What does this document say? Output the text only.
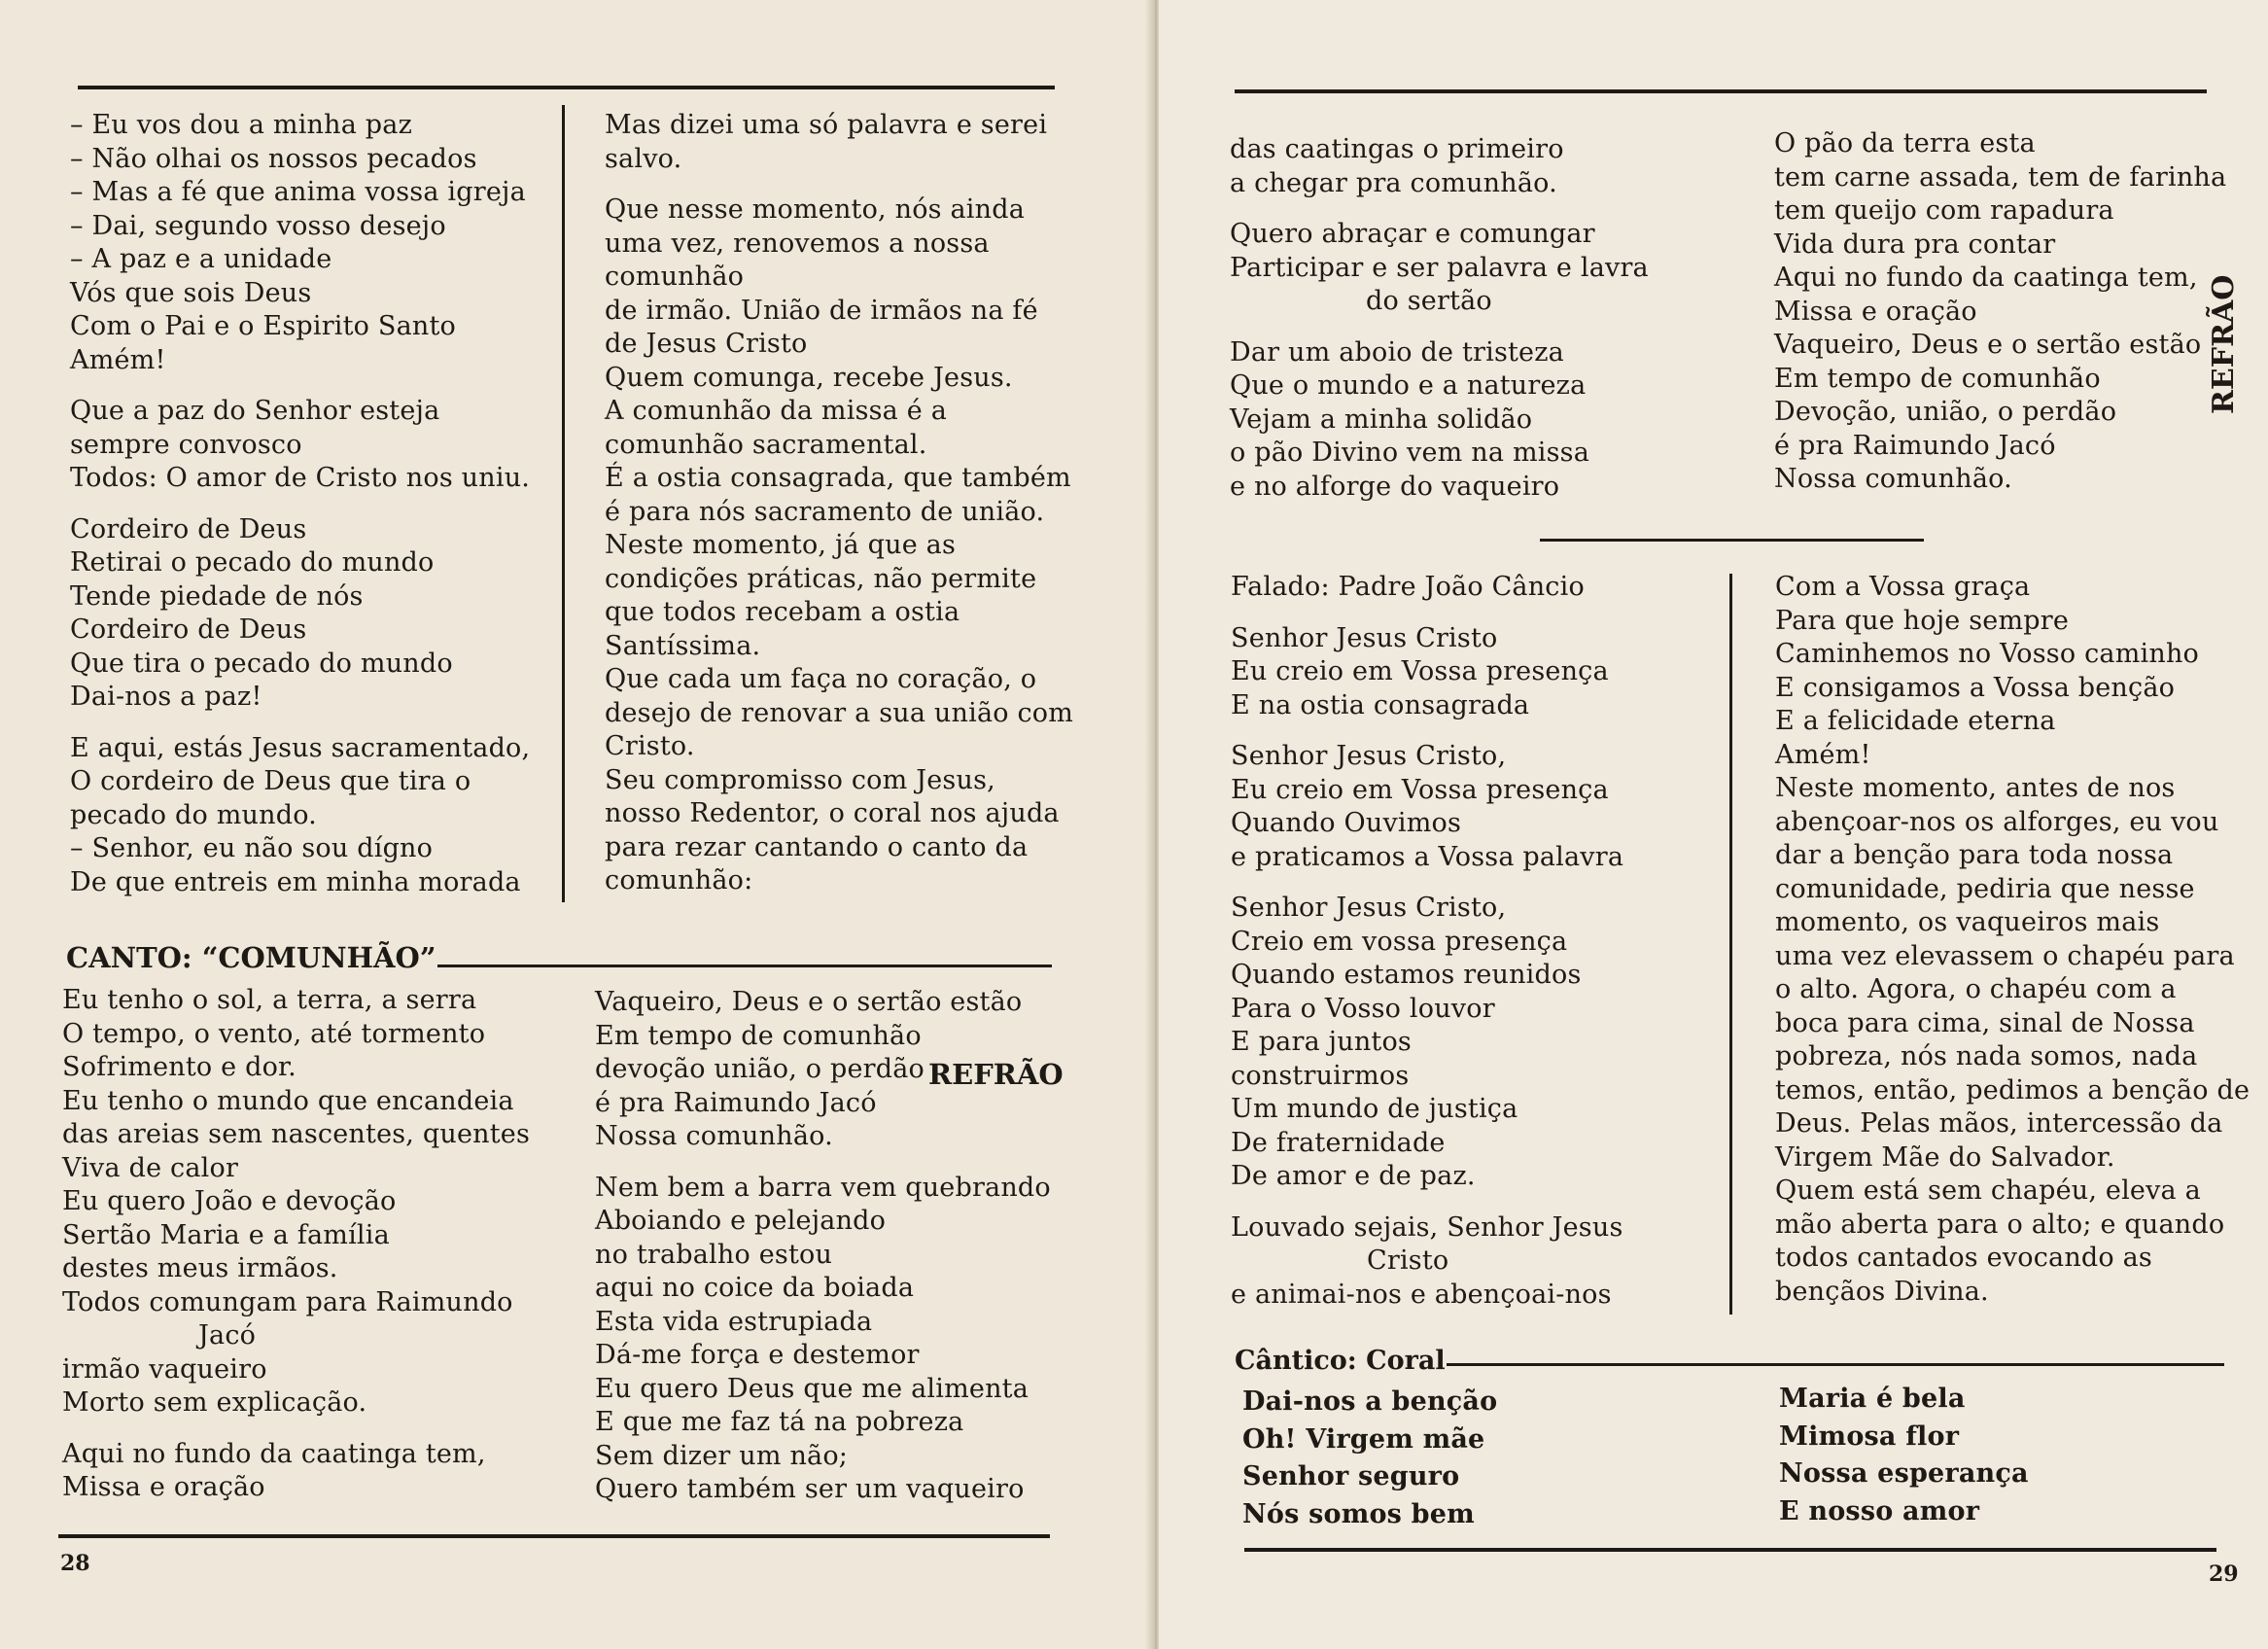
– Eu vos dou a minha paz
– Não olhai os nossos pecados
– Mas a fé que anima vossa igreja
– Dai, segundo vosso desejo
– A paz e a unidade
Vós que sois Deus
Com o Pai e o Espirito Santo
Amém!
Que a paz do Senhor esteja
sempre convosco
Todos: O amor de Cristo nos uniu.
Cordeiro de Deus
Retirai o pecado do mundo
Tende piedade de nós
Cordeiro de Deus
Que tira o pecado do mundo
Dai-nos a paz!
E aqui, estás Jesus sacramentado,
O cordeiro de Deus que tira o
pecado do mundo.
– Senhor, eu não sou dígno
De que entreis em minha morada
Mas dizei uma só palavra e serei
salvo.
Que nesse momento, nós ainda
uma vez, renovemos a nossa
comunhão
de irmão. União de irmãos na fé
de Jesus Cristo
Quem comunga, recebe Jesus.
A comunhão da missa é a
comunhão sacramental.
É a ostia consagrada, que também
é para nós sacramento de união.
Neste momento, já que as
condições práticas, não permite
que todos recebam a ostia
Santíssima.
Que cada um faça no coração, o
desejo de renovar a sua união com
Cristo.
Seu compromisso com Jesus,
nosso Redentor, o coral nos ajuda
para rezar cantando o canto da
comunhão:
CANTO: “COMUNHÃO”
Eu tenho o sol, a terra, a serra
O tempo, o vento, até tormento
Sofrimento e dor.
Eu tenho o mundo que encandeia
das areias sem nascentes, quentes
Viva de calor
Eu quero João e devoção
Sertão Maria e a família
destes meus irmãos.
Todos comungam para Raimundo
Jacó
irmão vaqueiro
Morto sem explicação.
Aqui no fundo da caatinga tem,
Missa e oração
Vaqueiro, Deus e o sertão estão
Em tempo de comunhão
devoção união, o perdão
é pra Raimundo Jacó
Nossa comunhão.
Nem bem a barra vem quebrando
Aboiando e pelejando
no trabalho estou
aqui no coice da boiada
Esta vida estrupiada
Dá-me força e destemor
Eu quero Deus que me alimenta
E que me faz tá na pobreza
Sem dizer um não;
Quero também ser um vaqueiro
REFRÃO
28
das caatingas o primeiro
a chegar pra comunhão.
Quero abraçar e comungar
Participar e ser palavra e lavra
do sertão
Dar um aboio de tristeza
Que o mundo e a natureza
Vejam a minha solidão
o pão Divino vem na missa
e no alforge do vaqueiro
O pão da terra esta
tem carne assada, tem de farinha
tem queijo com rapadura
Vida dura pra contar
Aqui no fundo da caatinga tem,
Missa e oração
Vaqueiro, Deus e o sertão estão
Em tempo de comunhão
Devoção, união, o perdão
é pra Raimundo Jacó
Nossa comunhão.
REFRÃO
Falado: Padre João Câncio
Senhor Jesus Cristo
Eu creio em Vossa presença
E na ostia consagrada
Senhor Jesus Cristo,
Eu creio em Vossa presença
Quando Ouvimos
e praticamos a Vossa palavra
Senhor Jesus Cristo,
Creio em vossa presença
Quando estamos reunidos
Para o Vosso louvor
E para juntos
construirmos
Um mundo de justiça
De fraternidade
De amor e de paz.
Louvado sejais, Senhor Jesus
Cristo
e animai-nos e abençoai-nos
Com a Vossa graça
Para que hoje sempre
Caminhemos no Vosso caminho
E consigamos a Vossa benção
E a felicidade eterna
Amém!
Neste momento, antes de nos
abençoar-nos os alforges, eu vou
dar a benção para toda nossa
comunidade, pediria que nesse
momento, os vaqueiros mais
uma vez elevassem o chapéu para
o alto. Agora, o chapéu com a
boca para cima, sinal de Nossa
pobreza, nós nada somos, nada
temos, então, pedimos a benção de
Deus. Pelas mãos, intercessão da
Virgem Mãe do Salvador.
Quem está sem chapéu, eleva a
mão aberta para o alto; e quando
todos cantados evocando as
bençãos Divina.
Cântico: Coral
Dai-nos a benção
Oh! Virgem mãe
Senhor seguro
Nós somos bem
Maria é bela
Mimosa flor
Nossa esperança
E nosso amor
29
